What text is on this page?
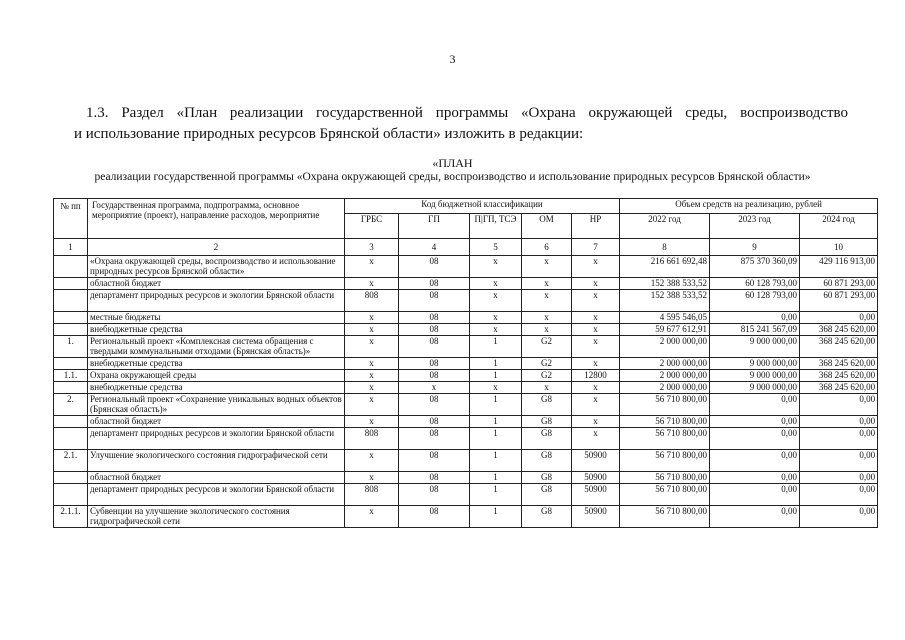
3
1.3. Раздел «План реализации государственной программы «Охрана окружающей среды, воспроизводство
и использование природных ресурсов Брянской области» изложить в редакции:
«ПЛАН
реализации государственной программы «Охрана окружающей среды, воспроизводство и использование природных ресурсов Брянской области»
№ пп	Государственная программа, подпрограмма, основное мероприятие (проект), направление расходов, мероприятие	Код бюджетной классификации					Объем средств на реализацию, рублей		
		ГРБС	ГП	П|ГП, ТСЭ	ОМ	НР	2022 год	2023 год	2024 год
1	2	3	4	5	6	7	8	9	10
	«Охрана окружающей среды, воспроизводство и использование природных ресурсов Брянской области»	х	08	х	х	х	216 661 692,48	875 370 360,09	429 116 913,00
	областной бюджет	х	08	х	х	х	152 388 533,52	60 128 793,00	60 871 293,00
	департамент природных ресурсов и экологии Брянской области	808	08	х	х	х	152 388 533,52	60 128 793,00	60 871 293,00
	местные бюджеты	х	08	х	х	х	4 595 546,05	0,00	0,00
	внебюджетные средства	х	08	х	х	х	59 677 612,91	815 241 567,09	368 245 620,00
1.	Региональный проект «Комплексная система обращения с твердыми коммунальными отходами (Брянская область)»	х	08	1	G2	х	2 000 000,00	9 000 000,00	368 245 620,00
	внебюджетные средства	х	08	1	G2	х	2 000 000,00	9 000 000,00	368 245 620,00
1.1.	Охрана окружающей среды	х	08	1	G2	12800	2 000 000,00	9 000 000,00	368 245 620,00
	внебюджетные средства	х	х	х	х	х	2 000 000,00	9 000 000,00	368 245 620,00
2.	Региональный проект «Сохранение уникальных водных объектов (Брянская область)»	х	08	1	G8	х	56 710 800,00	0,00	0,00
	областной бюджет	х	08	1	G8	х	56 710 800,00	0,00	0,00
	департамент природных ресурсов и экологии Брянской области	808	08	1	G8	х	56 710 800,00	0,00	0,00
2.1.	Улучшение экологического состояния гидрографической сети	х	08	1	G8	50900	56 710 800,00	0,00	0,00
	областной бюджет	х	08	1	G8	50900	56 710 800,00	0,00	0,00
	департамент природных ресурсов и экологии Брянской области	808	08	1	G8	50900	56 710 800,00	0,00	0,00
2.1.1.	Субвенции на улучшение экологического состояния гидрографической сети	х	08	1	G8	50900	56 710 800,00	0,00	0,00
